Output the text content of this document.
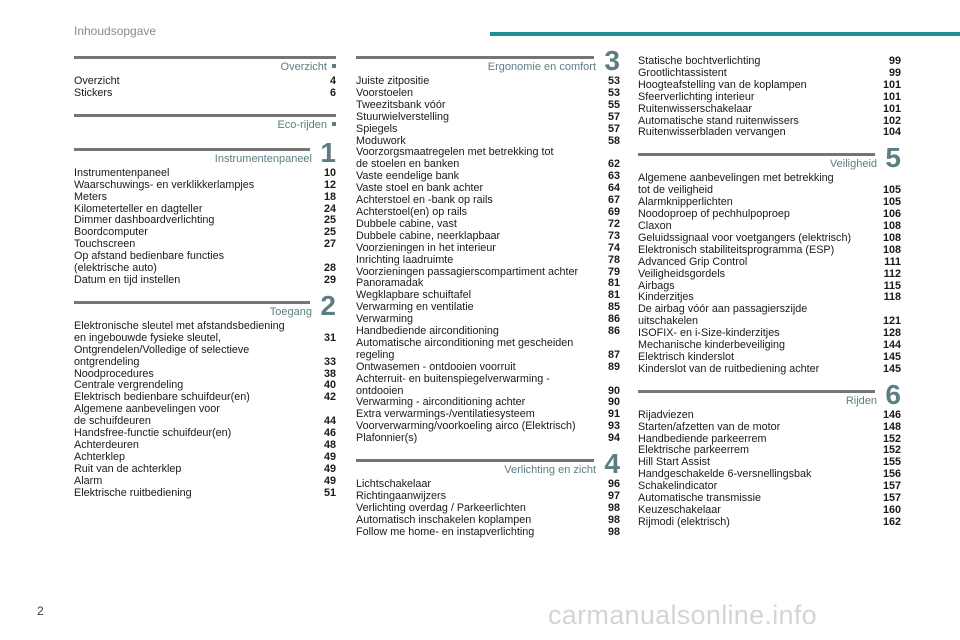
Inhoudsopgave
Overzicht
Overzicht	4
Stickers	6
Eco-rijden
Instrumentenpaneel 1
Instrumentenpaneel	10
Waarschuwings- en verklikkerlampjes	12
Meters	18
Kilometerteller en dagteller	24
Dimmer dashboardverlichting	25
Boordcomputer	25
Touchscreen	27
Op afstand bedienbare functies
(elektrische auto)	28
Datum en tijd instellen	29
Toegang 2
Elektronische sleutel met afstandsbediening
en ingebouwde fysieke sleutel,	31
Ontgrendelen/Volledige of selectieve
ontgrendeling	33
Noodprocedures	38
Centrale vergrendeling	40
Elektrisch bedienbare schuifdeur(en)	42
Algemene aanbevelingen voor
de schuifdeuren	44
Handsfree-functie schuifdeur(en)	46
Achterdeuren	48
Achterklep	49
Ruit van de achterklep	49
Alarm	49
Elektrische ruitbediening	51
Ergonomie en comfort 3
Juiste zitpositie	53
Voorstoelen	53
Tweezitsbank vóór	55
Stuurwielverstelling	57
Spiegels	57
Moduwork	58
Voorzorgsmaatregelen met betrekking tot
de stoelen en banken	62
Vaste eendelige bank	63
Vaste stoel en bank achter	64
Achterstoel en -bank op rails	67
Achterstoel(en) op rails	69
Dubbele cabine, vast	72
Dubbele cabine, neerklapbaar	73
Voorzieningen in het interieur	74
Inrichting laadruimte	78
Voorzieningen passagierscompartiment achter	79
Panoramadak	81
Wegklapbare schuiftafel	81
Verwarming en ventilatie	85
Verwarming	86
Handbediende airconditioning	86
Automatische airconditioning met gescheiden
regeling	87
Ontwasemen - ontdooien voorruit	89
Achterruit- en buitenspiegelverwarming -
ontdooien	90
Verwarming - airconditioning achter	90
Extra verwarmings-/ventilatiesysteem	91
Voorverwarming/voorkoeling airco (Elektrisch)	93
Plafonnier(s)	94
Verlichting en zicht 4
Lichtschakelaar	96
Richtingaanwijzers	97
Verlichting overdag / Parkeerlichten	98
Automatisch inschakelen koplampen	98
Follow me home- en instapverlichting	98
Statische bochtverlichting	99
Grootlichtassistent	99
Hoogteafstelling van de koplampen	101
Sfeerverlichting interieur	101
Ruitenwisserschakelaar	101
Automatische stand ruitenwissers	102
Ruitenwisserbladen vervangen	104
Veiligheid 5
Algemene aanbevelingen met betrekking
tot de veiligheid	105
Alarmknipperlichten	105
Noodoproep of pechhulpoproep	106
Claxon	108
Geluidssignaal voor voetgangers (elektrisch)	108
Elektronisch stabiliteitsprogramma (ESP)	108
Advanced Grip Control	111
Veiligheidsgordels	112
Airbags	115
Kinderzitjes	118
De airbag vóór aan passagierszijde
uitschakelen	121
ISOFIX- en i-Size-kinderzitjes	128
Mechanische kinderbeveiliging	144
Elektrisch kinderslot	145
Kinderslot van de ruitbediening achter	145
Rijden 6
Rijadviezen	146
Starten/afzetten van de motor	148
Handbediende parkeerrem	152
Elektrische parkeerrem	152
Hill Start Assist	155
Handgeschakelde 6-versnellingsbak	156
Schakelindicator	157
Automatische transmissie	157
Keuzeschakelaar	160
Rijmodi (elektrisch)	162
2	carmanualsonline.info
